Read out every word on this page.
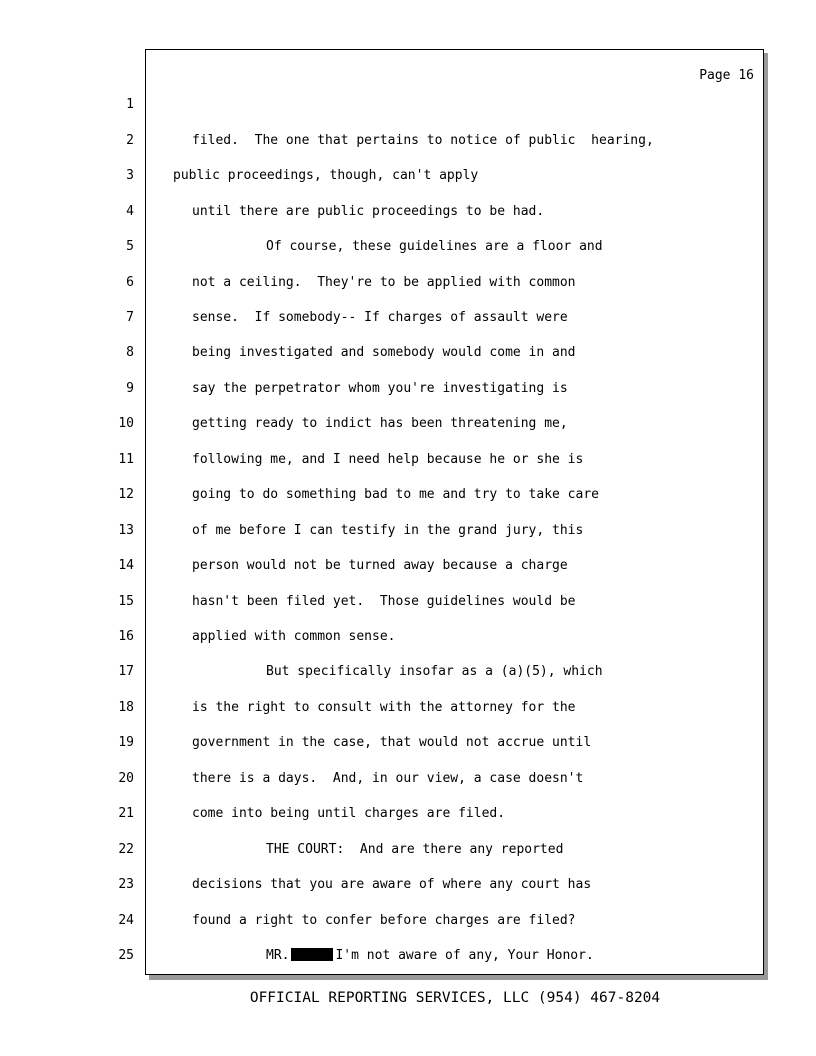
Page 16
1
2
3
4
5
6
7
8
9
10
11
12
13
14
15
16
17
18
19
20
21
22
23
24
25
filed.  The one that pertains to notice of public  hearing,
public proceedings, though, can't apply
until there are public proceedings to be had.
Of course, these guidelines are a floor and
not a ceiling.  They're to be applied with common
sense.  If somebody-- If charges of assault were
being investigated and somebody would come in and
say the perpetrator whom you're investigating is
getting ready to indict has been threatening me,
following me, and I need help because he or she is
going to do something bad to me and try to take care
of me before I can testify in the grand jury, this
person would not be turned away because a charge
hasn't been filed yet.  Those guidelines would be
applied with common sense.
But specifically insofar as a (a)(5), which
is the right to consult with the attorney for the
government in the case, that would not accrue until
there is a days.  And, in our view, a case doesn't
come into being until charges are filed.
THE COURT:  And are there any reported
decisions that you are aware of where any court has
found a right to confer before charges are filed?
MR.	I'm not aware of any, Your Honor.
OFFICIAL REPORTING SERVICES, LLC (954) 467-8204
